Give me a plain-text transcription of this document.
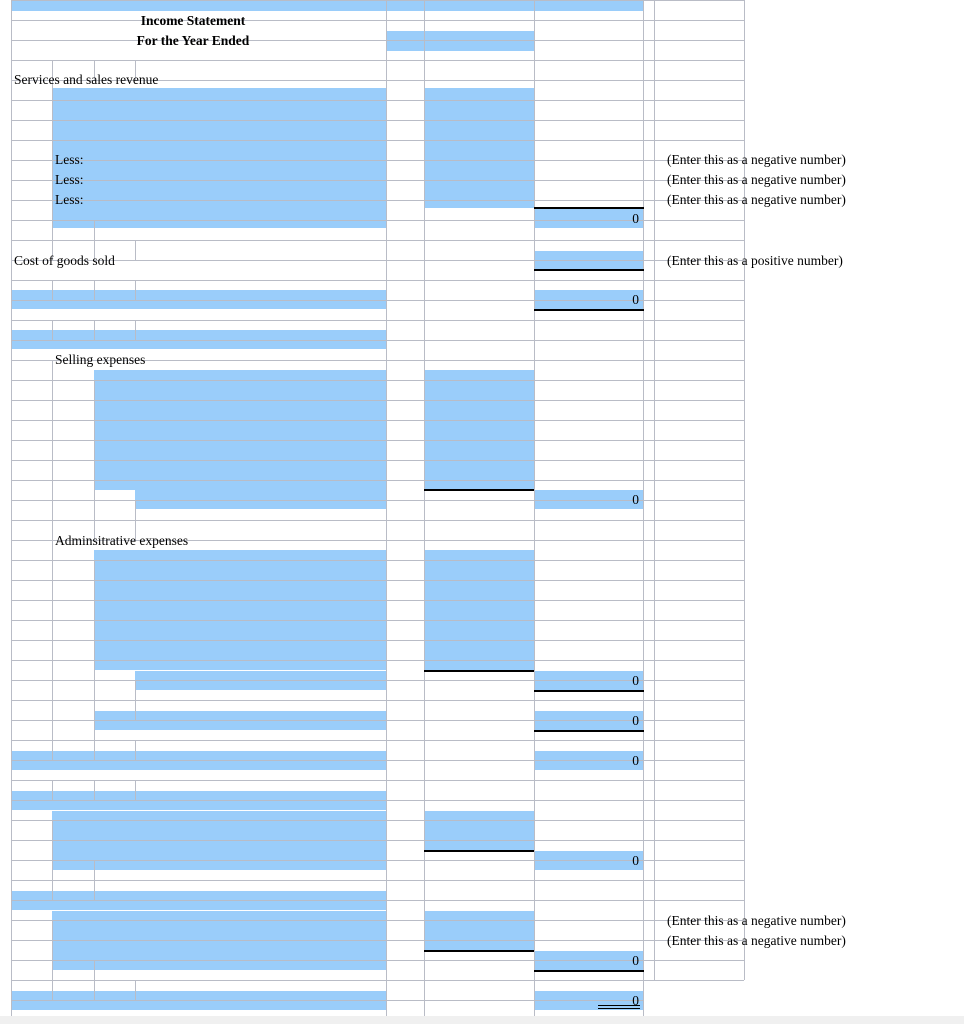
Income Statement
For the Year Ended
Services and sales revenue
Less:
Less:
Less:
Cost of goods sold
Selling expenses
Adminsitrative expenses
(Enter this as a negative number)
(Enter this as a negative number)
(Enter this as a negative number)
(Enter this as a positive number)
(Enter this as a negative number)
(Enter this as a negative number)
0
0
0
0
0
0
0
0
0
